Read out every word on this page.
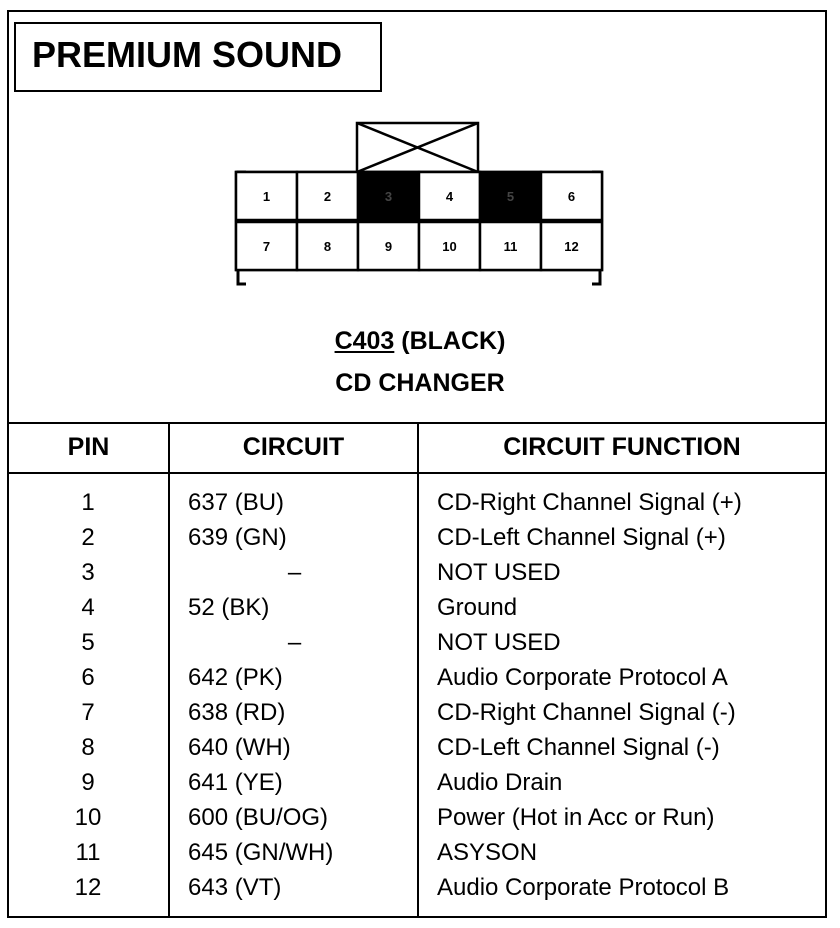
PREMIUM SOUND
1	2	3	4	5	6
7	8	9	10	11	12
C403 (BLACK)
CD CHANGER
PIN	CIRCUIT	CIRCUIT FUNCTION
1	637 (BU)	CD-Right Channel Signal (+)
2	639 (GN)	CD-Left Channel Signal (+)
3	–	NOT USED
4	52 (BK)	Ground
5	–	NOT USED
6	642 (PK)	Audio Corporate Protocol A
7	638 (RD)	CD-Right Channel Signal (-)
8	640 (WH)	CD-Left Channel Signal (-)
9	641 (YE)	Audio Drain
10	600 (BU/OG)	Power (Hot in Acc or Run)
11	645 (GN/WH)	ASYSON
12	643 (VT)	Audio Corporate Protocol B
